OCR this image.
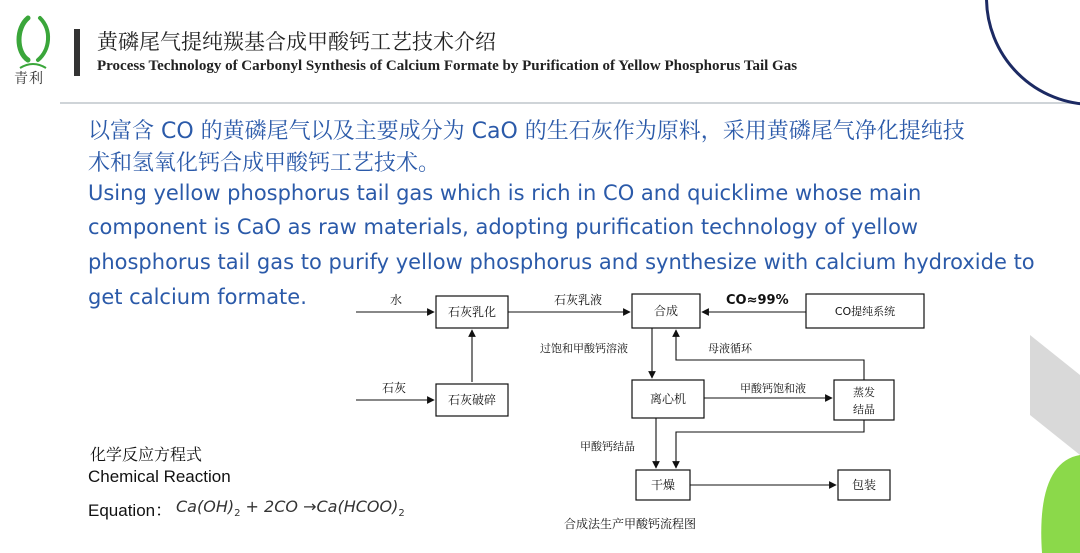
青利
黄磷尾气提纯羰基合成甲酸钙工艺技术介绍
Process Technology of Carbonyl Synthesis of Calcium Formate by Purification of Yellow Phosphorus Tail Gas
以富含 CO 的黄磷尾气以及主要成分为 CaO 的生石灰作为原料，采用黄磷尾气净化提纯技
术和氢氧化钙合成甲酸钙工艺技术。
Using yellow phosphorus tail gas which is rich in CO and quicklime whose main
component is CaO as raw materials, adopting purification technology of yellow
phosphorus tail gas to purify yellow phosphorus and synthesize with calcium hydroxide to
get calcium formate.
化学反应方程式
Chemical Reaction
Equation： $Ca(OH)_2 + 2CO$ $\to Ca(HCOO)_2$
石灰乳化
石灰破碎
合成	CO提纯系统
离心机	蒸发
结晶
干燥	包装
水
石灰
石灰乳液	CO≈99%
过饱和甲酸钙溶液	母液循环
甲酸钙饱和液
甲酸钙结晶
合成法生产甲酸钙流程图
